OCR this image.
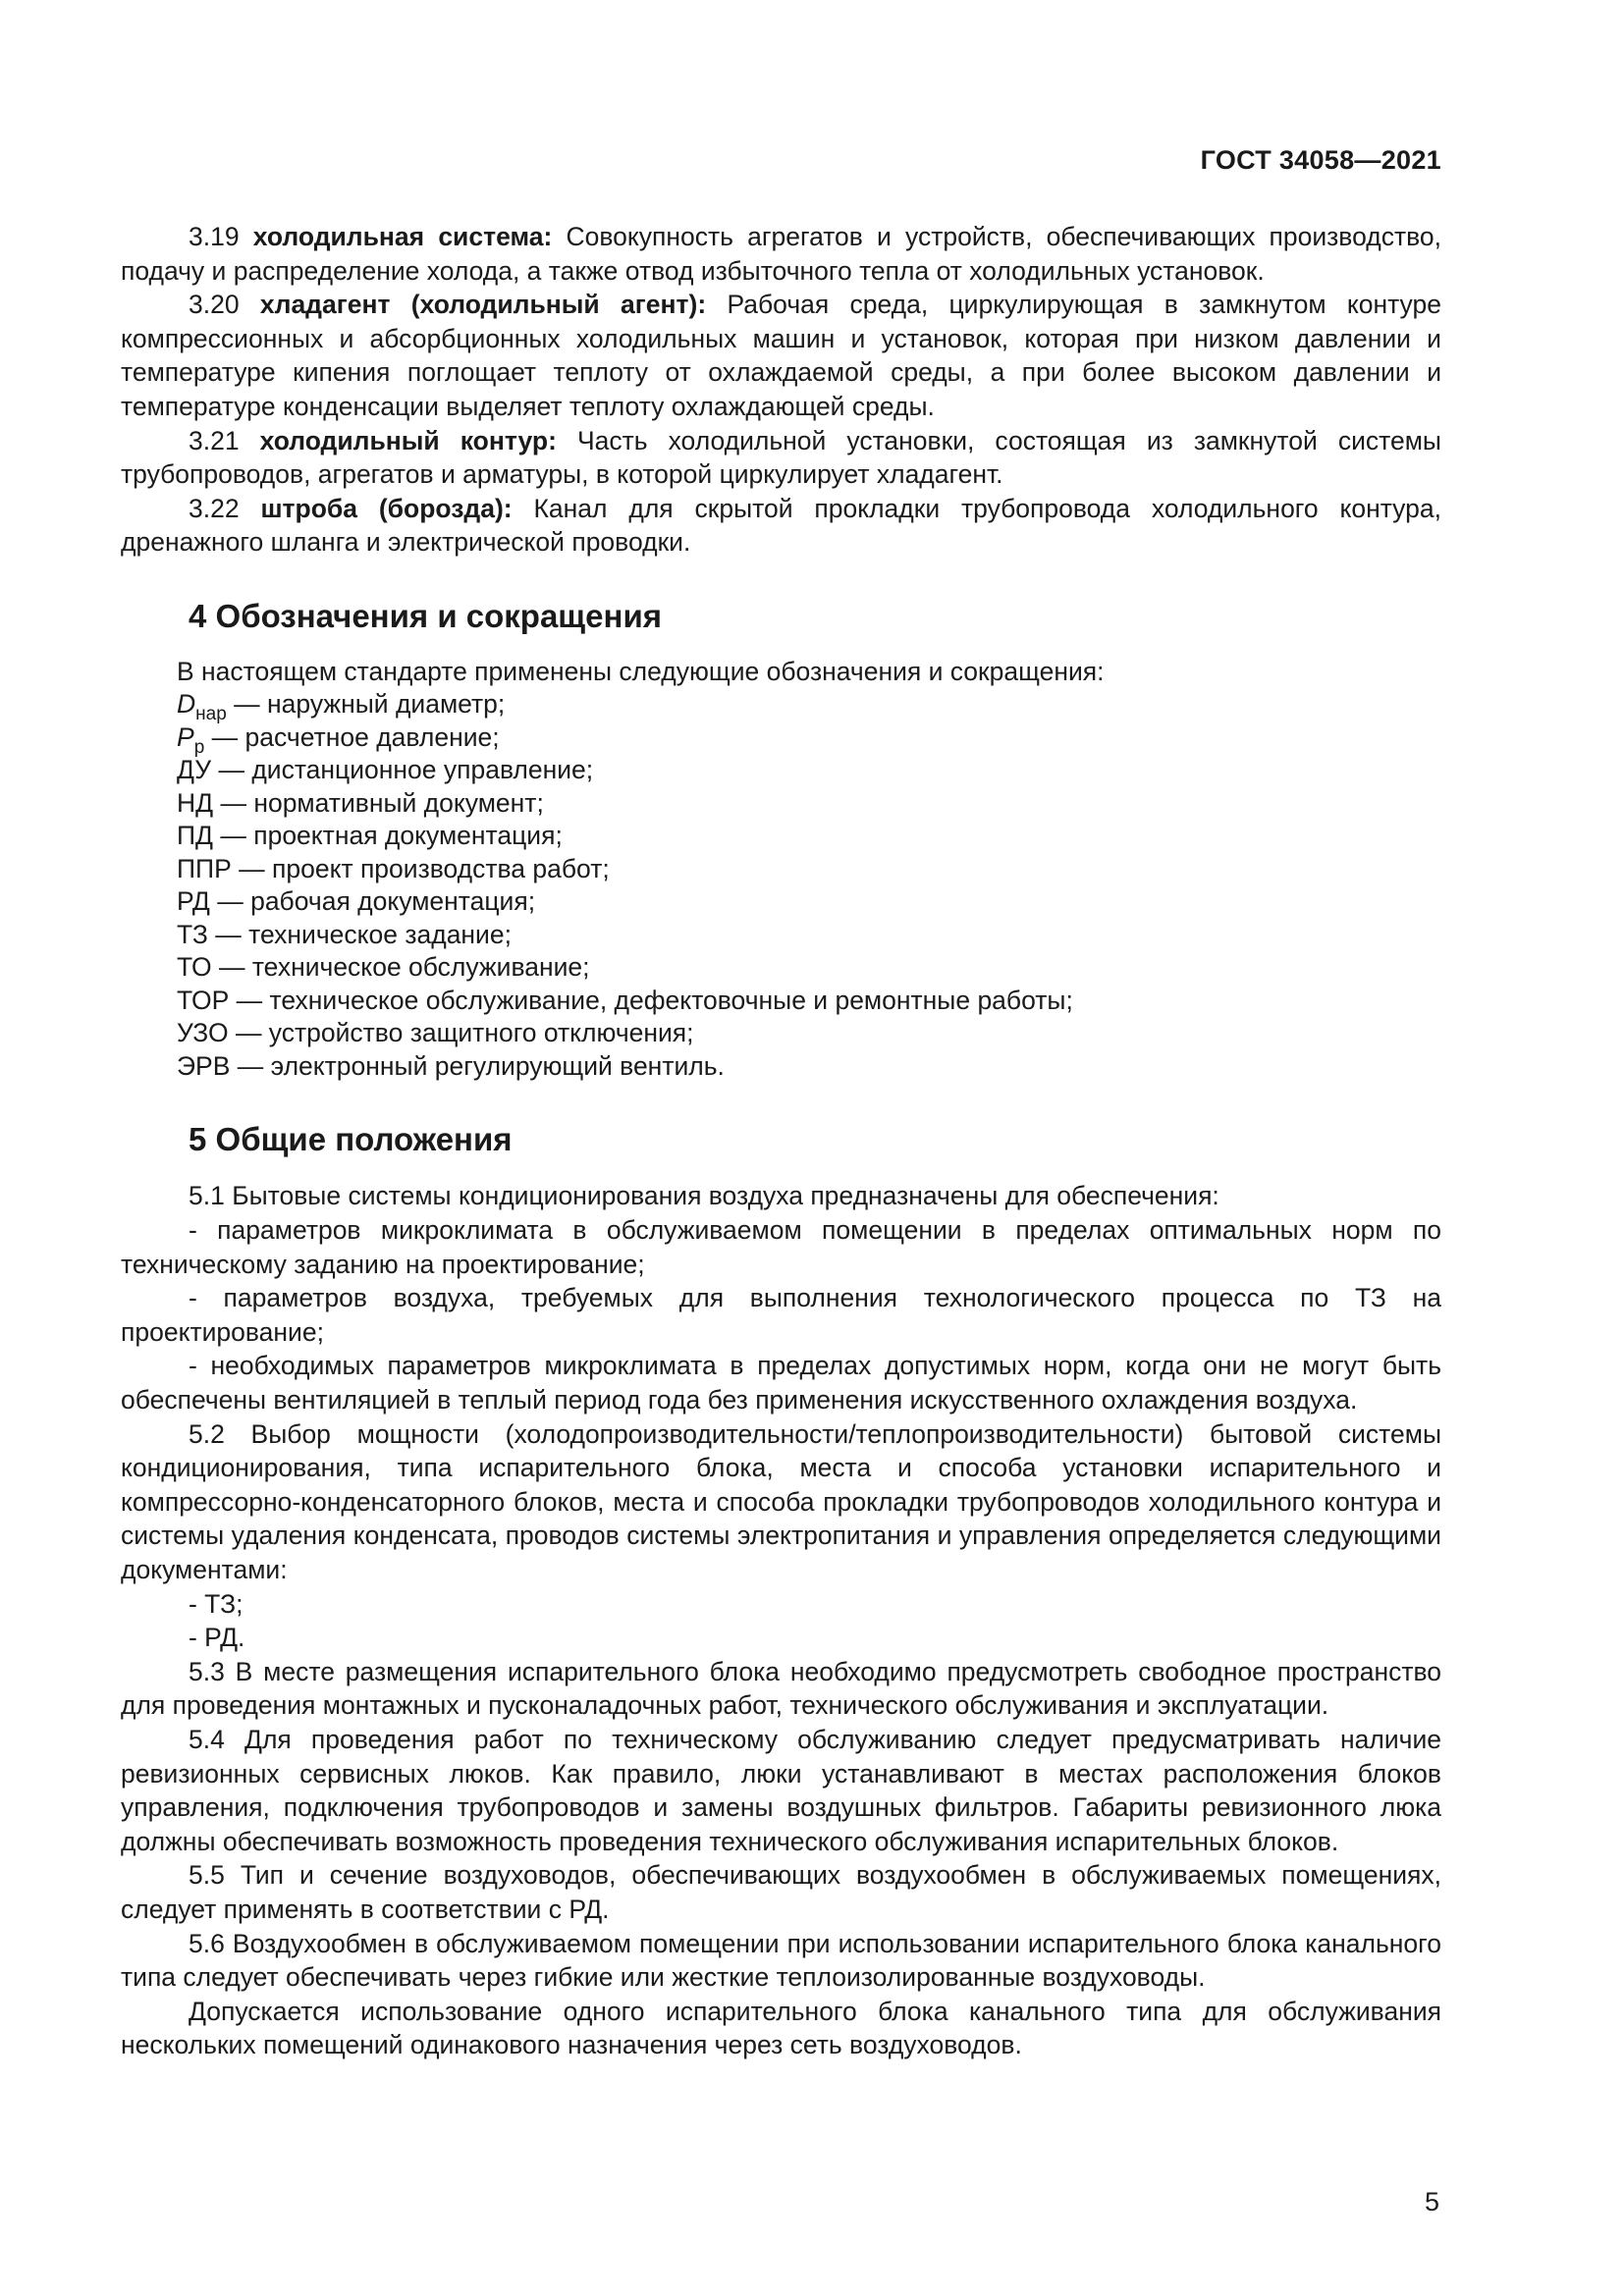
ГОСТ 34058—2021

3.19 холодильная система: Совокупность агрегатов и устройств, обеспечивающих производство, подачу и распределение холода, а также отвод избыточного тепла от холодильных установок.

3.20 хладагент (холодильный агент): Рабочая среда, циркулирующая в замкнутом контуре компрессионных и абсорбционных холодильных машин и установок, которая при низком давлении и температуре кипения поглощает теплоту от охлаждаемой среды, а при более высоком давлении и температуре конденсации выделяет теплоту охлаждающей среды.

3.21 холодильный контур: Часть холодильной установки, состоящая из замкнутой системы трубопроводов, агрегатов и арматуры, в которой циркулирует хладагент.

3.22 штроба (борозда): Канал для скрытой прокладки трубопровода холодильного контура, дренажного шланга и электрической проводки.

4 Обозначения и сокращения

В настоящем стандарте применены следующие обозначения и сокращения:

$D_{нар}$ — наружный диаметр;

$P_р$ — расчетное давление;

ДУ — дистанционное управление;

НД — нормативный документ;

ПД — проектная документация;

ППР — проект производства работ;

РД — рабочая документация;

ТЗ — техническое задание;

ТО — техническое обслуживание;

ТОР — техническое обслуживание, дефектовочные и ремонтные работы;

УЗО — устройство защитного отключения;

ЭРВ — электронный регулирующий вентиль.

5 Общие положения

5.1 Бытовые системы кондиционирования воздуха предназначены для обеспечения:

- параметров микроклимата в обслуживаемом помещении в пределах оптимальных норм по техническому заданию на проектирование;

- параметров воздуха, требуемых для выполнения технологического процесса по ТЗ на проектирование;

- необходимых параметров микроклимата в пределах допустимых норм, когда они не могут быть обеспечены вентиляцией в теплый период года без применения искусственного охлаждения воздуха.

5.2 Выбор мощности (холодопроизводительности/теплопроизводительности) бытовой системы кондиционирования, типа испарительного блока, места и способа установки испарительного и компрессорно-конденсаторного блоков, места и способа прокладки трубопроводов холодильного контура и системы удаления конденсата, проводов системы электропитания и управления определяется следующими документами:

- ТЗ;

- РД.

5.3 В месте размещения испарительного блока необходимо предусмотреть свободное пространство для проведения монтажных и пусконаладочных работ, технического обслуживания и эксплуатации.

5.4 Для проведения работ по техническому обслуживанию следует предусматривать наличие ревизионных сервисных люков. Как правило, люки устанавливают в местах расположения блоков управления, подключения трубопроводов и замены воздушных фильтров. Габариты ревизионного люка должны обеспечивать возможность проведения технического обслуживания испарительных блоков.

5.5 Тип и сечение воздуховодов, обеспечивающих воздухообмен в обслуживаемых помещениях, следует применять в соответствии с РД.

5.6 Воздухообмен в обслуживаемом помещении при использовании испарительного блока канального типа следует обеспечивать через гибкие или жесткие теплоизолированные воздуховоды.

Допускается использование одного испарительного блока канального типа для обслуживания нескольких помещений одинакового назначения через сеть воздуховодов.

5
